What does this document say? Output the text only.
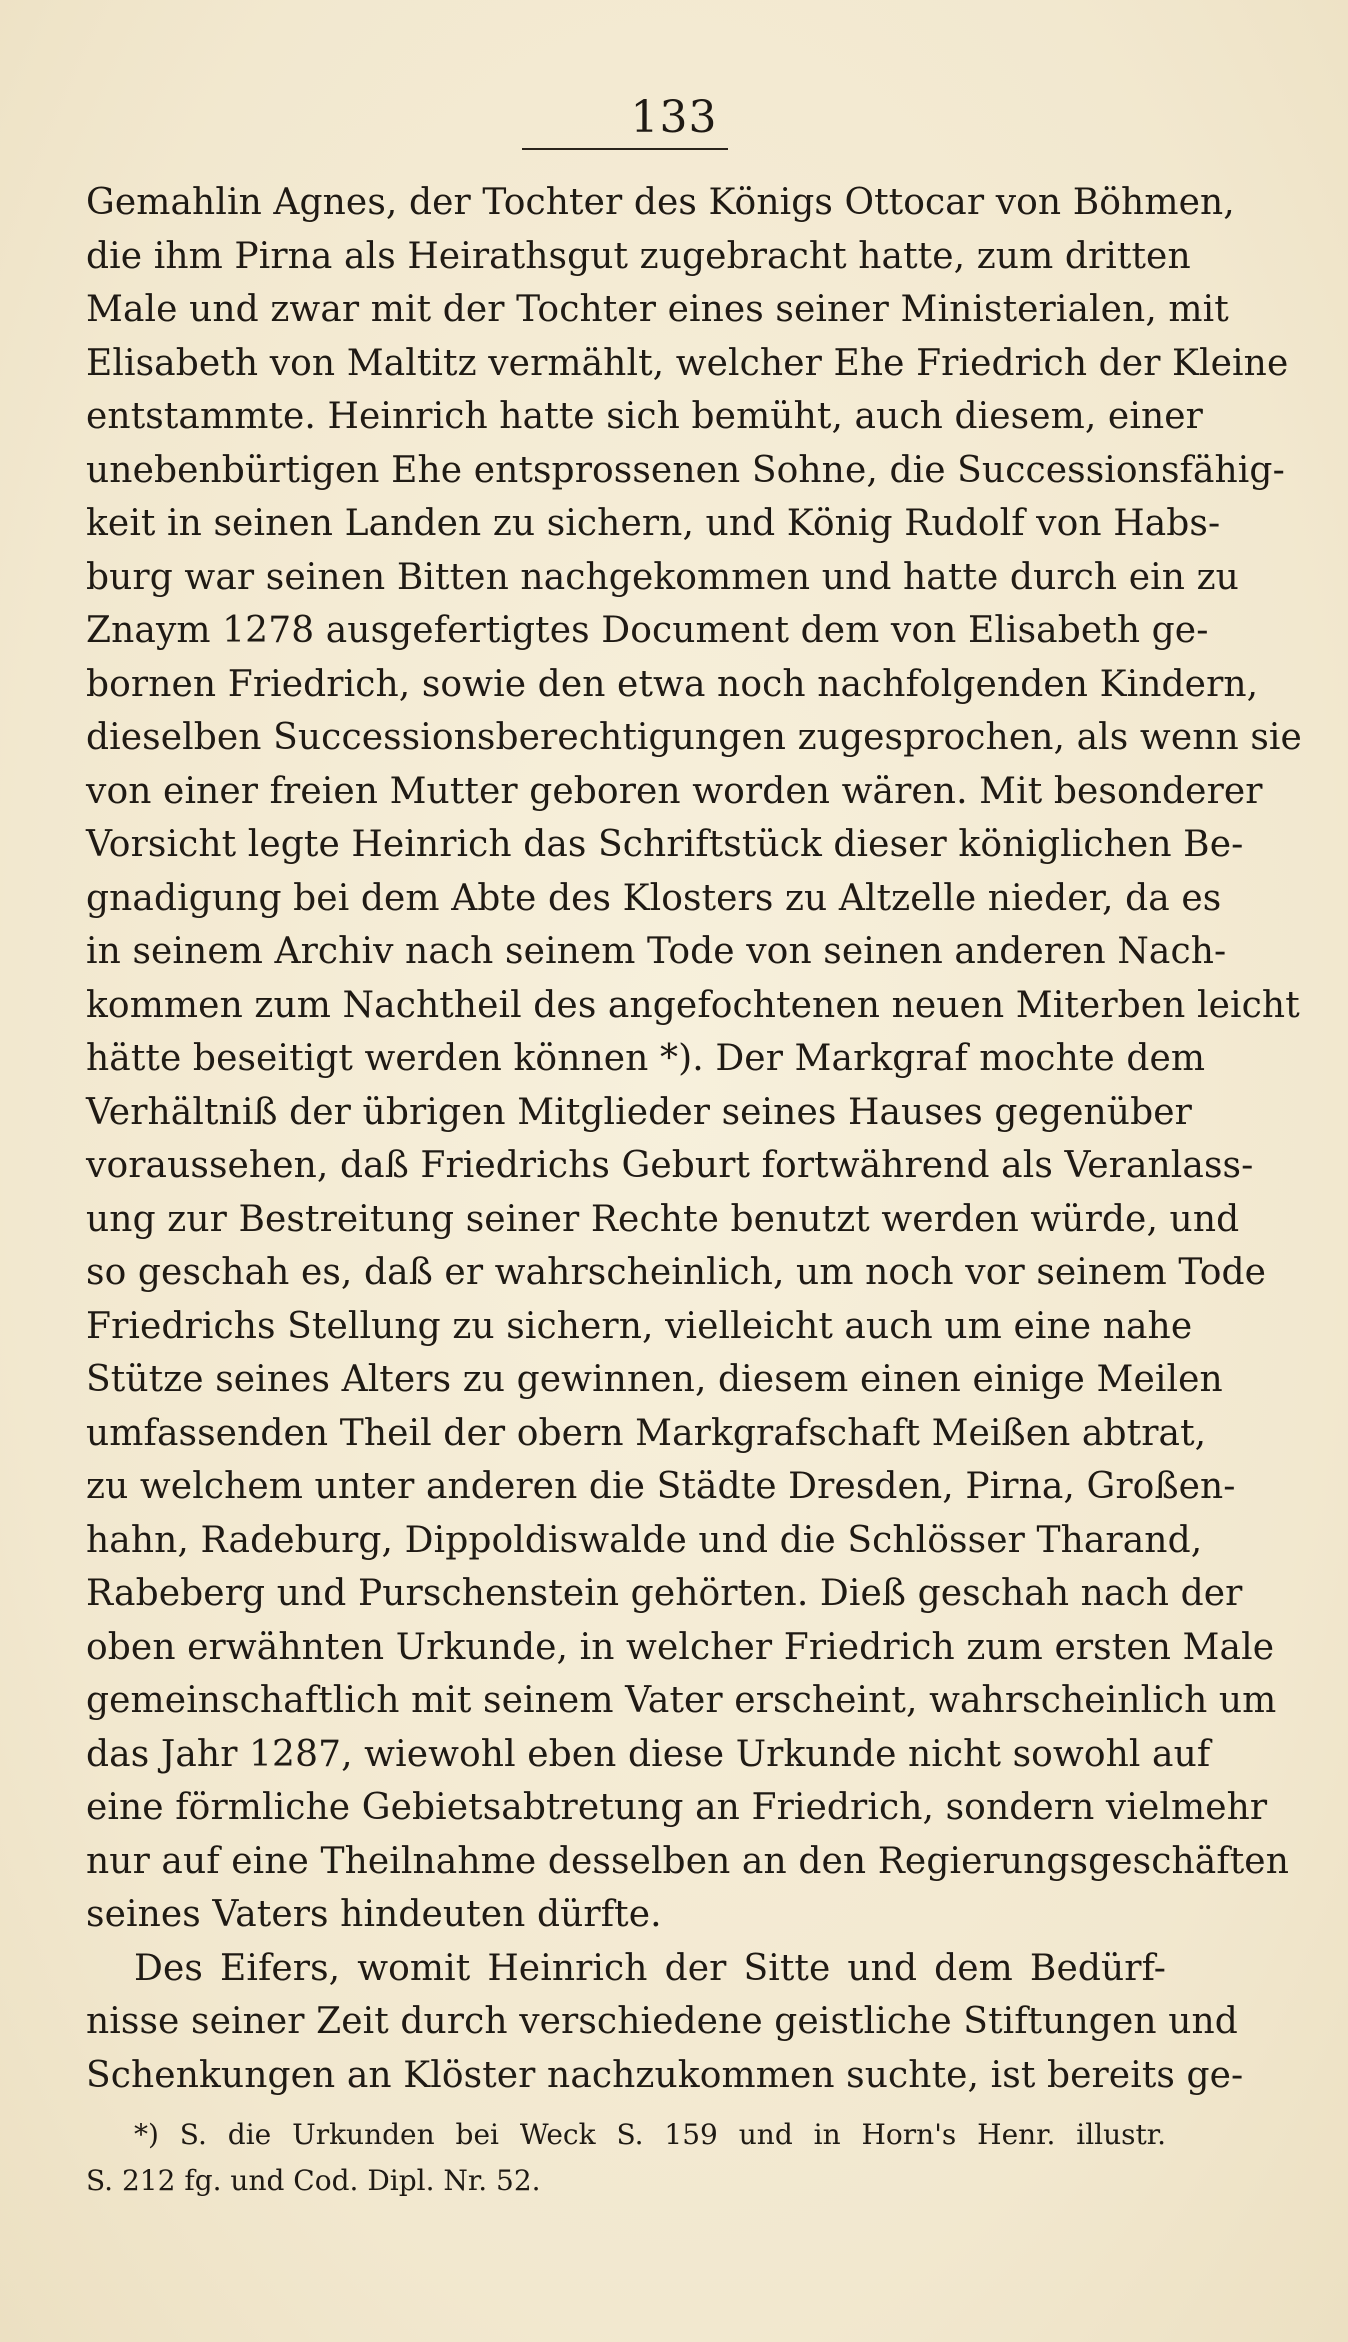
133
Gemahlin Agnes, der Tochter des Königs Ottocar von Böhmen,
die ihm Pirna als Heirathsgut zugebracht hatte, zum dritten
Male und zwar mit der Tochter eines seiner Ministerialen, mit
Elisabeth von Maltitz vermählt, welcher Ehe Friedrich der Kleine
entstammte. Heinrich hatte sich bemüht, auch diesem, einer
unebenbürtigen Ehe entsprossenen Sohne, die Successionsfähig-
keit in seinen Landen zu sichern, und König Rudolf von Habs-
burg war seinen Bitten nachgekommen und hatte durch ein zu
Znaym 1278 ausgefertigtes Document dem von Elisabeth ge-
bornen Friedrich, sowie den etwa noch nachfolgenden Kindern,
dieselben Successionsberechtigungen zugesprochen, als wenn sie
von einer freien Mutter geboren worden wären. Mit besonderer
Vorsicht legte Heinrich das Schriftstück dieser königlichen Be-
gnadigung bei dem Abte des Klosters zu Altzelle nieder, da es
in seinem Archiv nach seinem Tode von seinen anderen Nach-
kommen zum Nachtheil des angefochtenen neuen Miterben leicht
hätte beseitigt werden können *). Der Markgraf mochte dem
Verhältniß der übrigen Mitglieder seines Hauses gegenüber
voraussehen, daß Friedrichs Geburt fortwährend als Veranlass-
ung zur Bestreitung seiner Rechte benutzt werden würde, und
so geschah es, daß er wahrscheinlich, um noch vor seinem Tode
Friedrichs Stellung zu sichern, vielleicht auch um eine nahe
Stütze seines Alters zu gewinnen, diesem einen einige Meilen
umfassenden Theil der obern Markgrafschaft Meißen abtrat,
zu welchem unter anderen die Städte Dresden, Pirna, Großen-
hahn, Radeburg, Dippoldiswalde und die Schlösser Tharand,
Rabeberg und Purschenstein gehörten. Dieß geschah nach der
oben erwähnten Urkunde, in welcher Friedrich zum ersten Male
gemeinschaftlich mit seinem Vater erscheint, wahrscheinlich um
das Jahr 1287, wiewohl eben diese Urkunde nicht sowohl auf
eine förmliche Gebietsabtretung an Friedrich, sondern vielmehr
nur auf eine Theilnahme desselben an den Regierungsgeschäften
seines Vaters hindeuten dürfte.
Des Eifers, womit Heinrich der Sitte und dem Bedürf-
nisse seiner Zeit durch verschiedene geistliche Stiftungen und
Schenkungen an Klöster nachzukommen suchte, ist bereits ge-
*) S. die Urkunden bei Weck S. 159 und in Horn's Henr. illustr.
S. 212 fg. und Cod. Dipl. Nr. 52.
